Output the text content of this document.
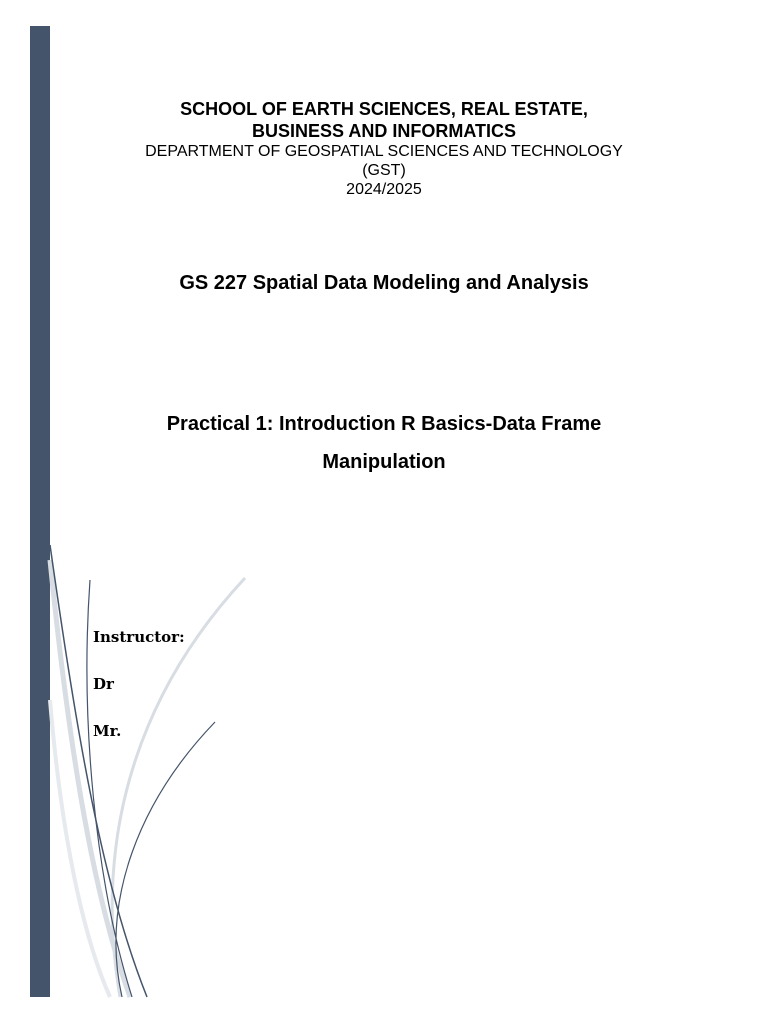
SCHOOL OF EARTH SCIENCES, REAL ESTATE,

BUSINESS AND INFORMATICS

DEPARTMENT OF GEOSPATIAL SCIENCES AND TECHNOLOGY

(GST)

2024/2025

GS 227 Spatial Data Modeling and Analysis
Practical 1: Introduction R Basics-Data Frame
Manipulation
Instructor:
Dr
Mr.
